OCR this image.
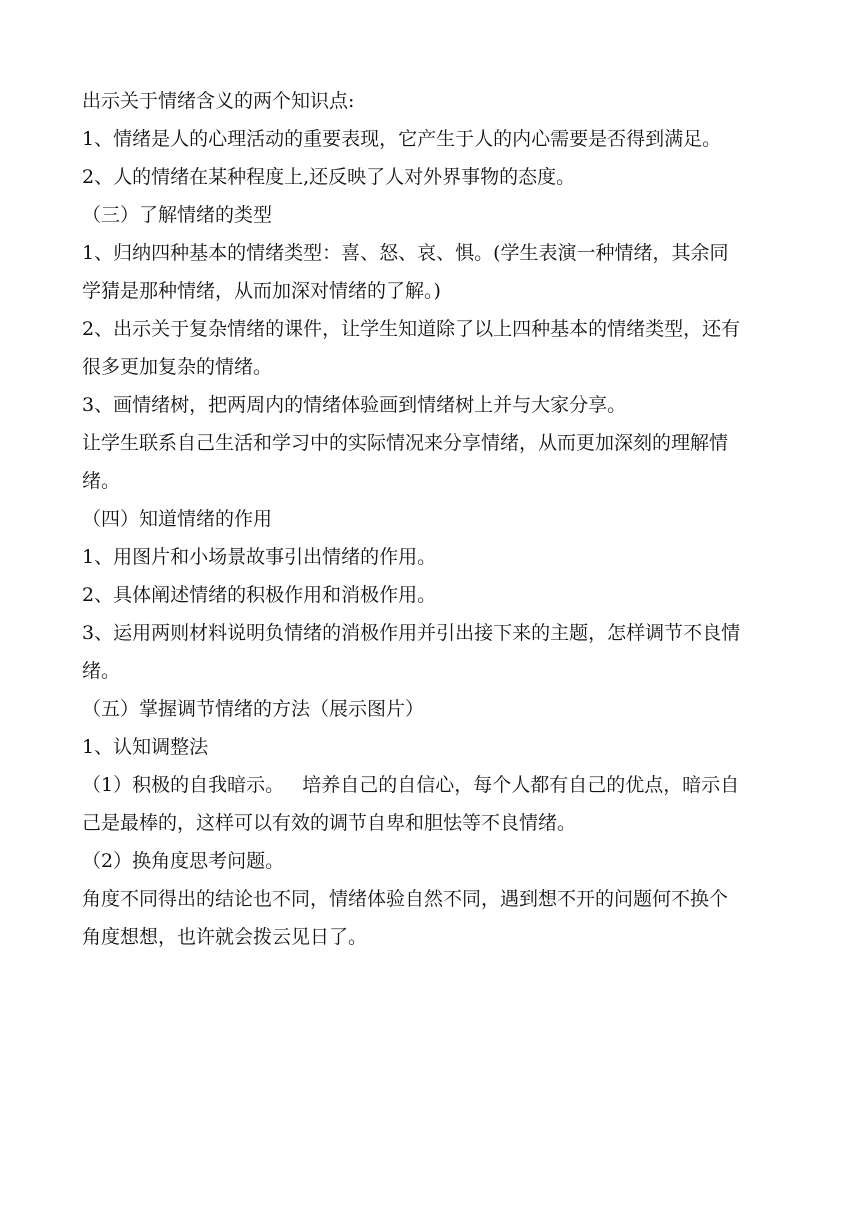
出示关于情绪含义的两个知识点:

1、情绪是人的心理活动的重要表现，它产生于人的内心需要是否得到满足。

2、人的情绪在某种程度上,还反映了人对外界事物的态度。

（三）了解情绪的类型

1、归纳四种基本的情绪类型：喜、怒、哀、惧。(学生表演一种情绪，其余同

学猜是那种情绪，从而加深对情绪的了解。)

2、出示关于复杂情绪的课件，让学生知道除了以上四种基本的情绪类型，还有

很多更加复杂的情绪。

3、画情绪树，把两周内的情绪体验画到情绪树上并与大家分享。

让学生联系自己生活和学习中的实际情况来分享情绪，从而更加深刻的理解情

绪。

（四）知道情绪的作用

1、用图片和小场景故事引出情绪的作用。

2、具体阐述情绪的积极作用和消极作用。

3、运用两则材料说明负情绪的消极作用并引出接下来的主题，怎样调节不良情

绪。

（五）掌握调节情绪的方法（展示图片）

1、认知调整法

（1）积极的自我暗示。   培养自己的自信心，每个人都有自己的优点，暗示自

己是最棒的，这样可以有效的调节自卑和胆怯等不良情绪。

（2）换角度思考问题。

角度不同得出的结论也不同，情绪体验自然不同，遇到想不开的问题何不换个

角度想想，也许就会拨云见日了。
